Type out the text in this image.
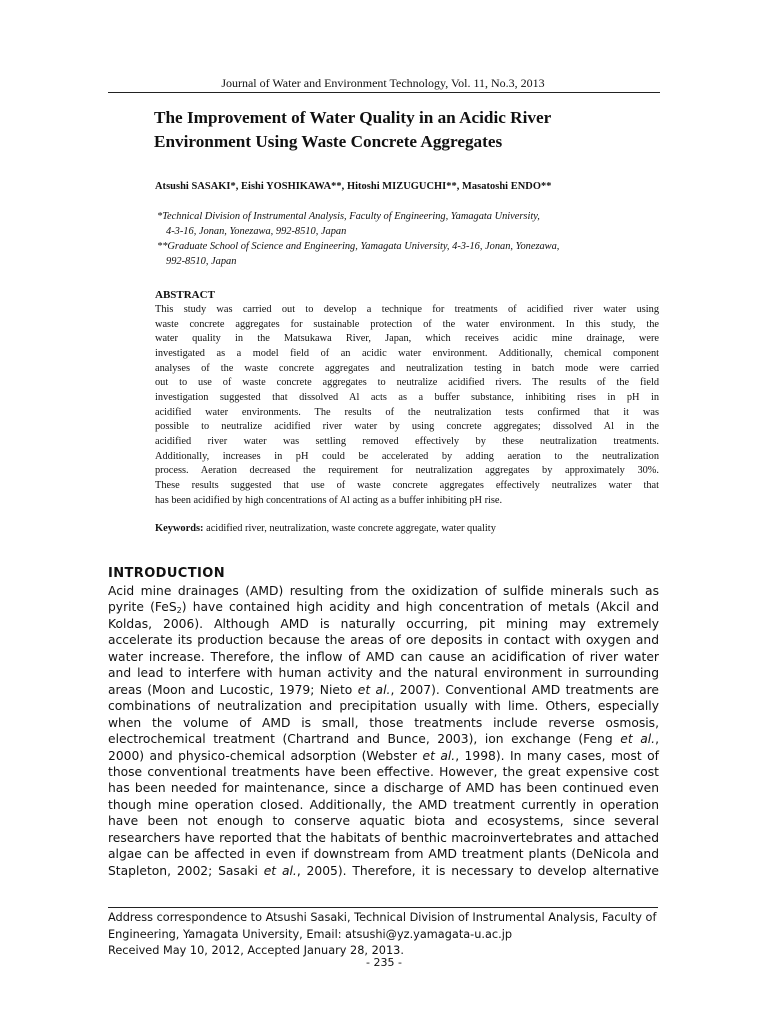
Journal of Water and Environment Technology, Vol. 11, No.3, 2013
The Improvement of Water Quality in an Acidic River
Environment Using Waste Concrete Aggregates
Atsushi SASAKI*, Eishi YOSHIKAWA**, Hitoshi MIZUGUCHI**, Masatoshi ENDO**

*Technical Division of Instrumental Analysis, Faculty of Engineering, Yamagata University,
4-3-16, Jonan, Yonezawa, 992-8510, Japan

**Graduate School of Science and Engineering, Yamagata University, 4-3-16, Jonan, Yonezawa,
992-8510, Japan

ABSTRACT
This study was carried out to develop a technique for treatments of acidified river water using
waste concrete aggregates for sustainable protection of the water environment. In this study, the
water quality in the Matsukawa River, Japan, which receives acidic mine drainage, were
investigated as a model field of an acidic water environment. Additionally, chemical component
analyses of the waste concrete aggregates and neutralization testing in batch mode were carried
out to use of waste concrete aggregates to neutralize acidified rivers. The results of the field
investigation suggested that dissolved Al acts as a buffer substance, inhibiting rises in pH in
acidified water environments. The results of the neutralization tests confirmed that it was
possible to neutralize acidified river water by using concrete aggregates; dissolved Al in the
acidified river water was settling removed effectively by these neutralization treatments.
Additionally, increases in pH could be accelerated by adding aeration to the neutralization
process. Aeration decreased the requirement for neutralization aggregates by approximately 30%.
These results suggested that use of waste concrete aggregates effectively neutralizes water that
has been acidified by high concentrations of Al acting as a buffer inhibiting pH rise.
Keywords: acidified river, neutralization, waste concrete aggregate, water quality
INTRODUCTION
Acid mine drainages (AMD) resulting from the oxidization of sulfide minerals such as
pyrite (FeS$_2$) have contained high acidity and high concentration of metals (Akcil and
Koldas, 2006). Although AMD is naturally occurring, pit mining may extremely
accelerate its production because the areas of ore deposits in contact with oxygen and
water increase. Therefore, the inflow of AMD can cause an acidification of river water
and lead to interfere with human activity and the natural environment in surrounding
areas (Moon and Lucostic, 1979; Nieto et al., 2007). Conventional AMD treatments are
combinations of neutralization and precipitation usually with lime. Others, especially
when the volume of AMD is small, those treatments include reverse osmosis,
electrochemical treatment (Chartrand and Bunce, 2003), ion exchange (Feng et al.,
2000) and physico-chemical adsorption (Webster et al., 1998). In many cases, most of
those conventional treatments have been effective. However, the great expensive cost
has been needed for maintenance, since a discharge of AMD has been continued even
though mine operation closed. Additionally, the AMD treatment currently in operation
have been not enough to conserve aquatic biota and ecosystems, since several
researchers have reported that the habitats of benthic macroinvertebrates and attached
algae can be affected in even if downstream from AMD treatment plants (DeNicola and
Stapleton, 2002; Sasaki et al., 2005). Therefore, it is necessary to develop alternative
Address correspondence to Atsushi Sasaki, Technical Division of Instrumental Analysis, Faculty of
Engineering, Yamagata University, Email: atsushi@yz.yamagata-u.ac.jp
Received May 10, 2012, Accepted January 28, 2013.
- 235 -
